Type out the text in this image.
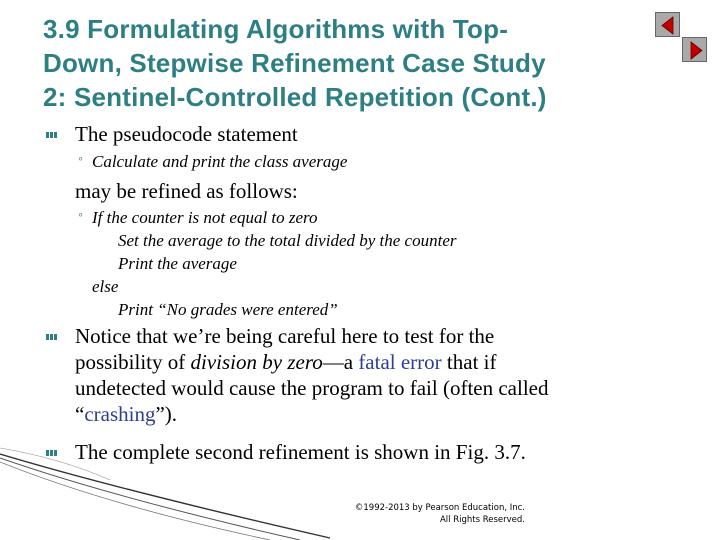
3.9 Formulating Algorithms with Top-
Down, Stepwise Refinement Case Study
2: Sentinel-Controlled Repetition (Cont.)
The pseudocode statement
◦ Calculate and print the class average
may be refined as follows:
◦ If the counter is not equal to zero
Set the average to the total divided by the counter
Print the average
else
Print “No grades were entered”
Notice that we’re being careful here to test for the
possibility of division by zero—a fatal error that if
undetected would cause the program to fail (often called
“crashing”).
The complete second refinement is shown in Fig. 3.7.
©1992-2013 by Pearson Education, Inc.
All Rights Reserved.
